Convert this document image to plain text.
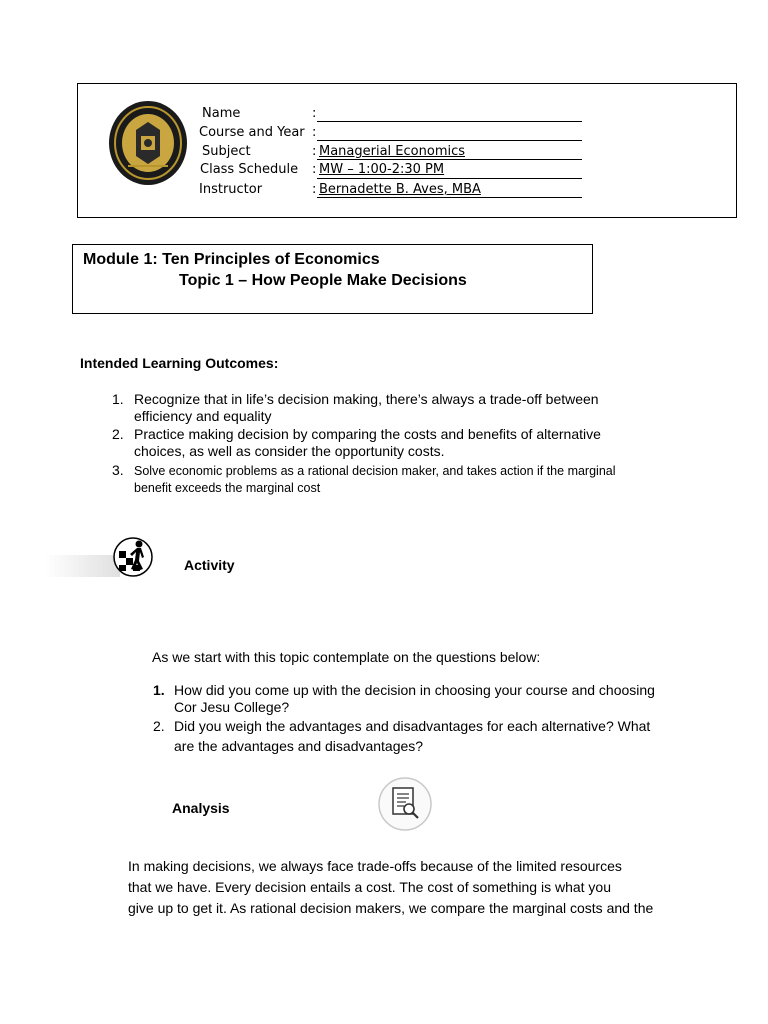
Name
Course and Year
Subject
Class Schedule
Instructor
:
:
:
:
:
Managerial Economics
MW – 1:00-2:30 PM
Bernadette B. Aves, MBA
Module 1: Ten Principles of Economics
Topic 1 – How People Make Decisions
Intended Learning Outcomes:
1. Recognize that in life’s decision making, there’s always a trade-off between
efficiency and equality
2. Practice making decision by comparing the costs and benefits of alternative
choices, as well as consider the opportunity costs.
3. Solve economic problems as a rational decision maker, and takes action if the marginal
benefit exceeds the marginal cost
Activity
As we start with this topic contemplate on the questions below:
1. How did you come up with the decision in choosing your course and choosing
Cor Jesu College?
2. Did you weigh the advantages and disadvantages for each alternative? What
are the advantages and disadvantages?
Analysis
In making decisions, we always face trade-offs because of the limited resources
that we have. Every decision entails a cost. The cost of something is what you
give up to get it. As rational decision makers, we compare the marginal costs and the
